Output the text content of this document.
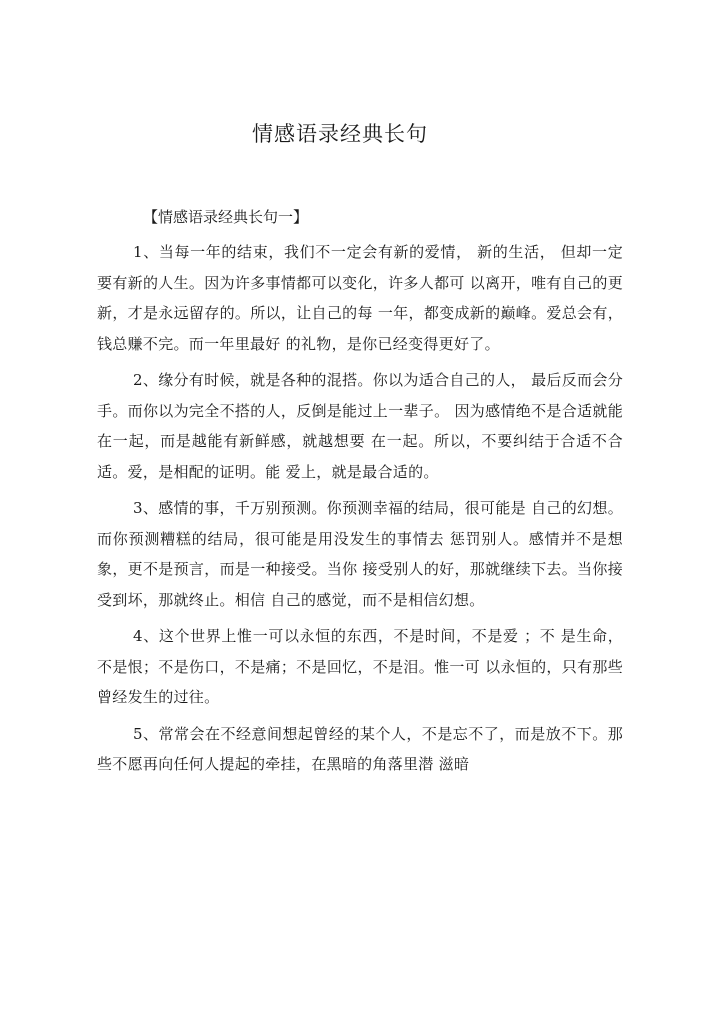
情感语录经典长句
【情感语录经典长句一】

1、当每一年的结束，我们不一定会有新的爱情， 新的生活， 但却一定要有新的人生。因为许多事情都可以变化，许多人都可 以离开，唯有自己的更新，才是永远留存的。所以，让自己的每 一年，都变成新的巅峰。爱总会有，钱总赚不完。而一年里最好 的礼物，是你已经变得更好了。

2、缘分有时候，就是各种的混搭。你以为适合自己的人， 最后反而会分手。而你以为完全不搭的人，反倒是能过上一辈子。 因为感情绝不是合适就能在一起，而是越能有新鲜感，就越想要 在一起。所以，不要纠结于合适不合适。爱，是相配的证明。能 爱上，就是最合适的。

3、感情的事，千万别预测。你预测幸福的结局，很可能是 自己的幻想。而你预测糟糕的结局，很可能是用没发生的事情去 惩罚别人。感情并不是想象，更不是预言，而是一种接受。当你 接受别人的好，那就继续下去。当你接受到坏，那就终止。相信 自己的感觉，而不是相信幻想。

4、这个世界上惟一可以永恒的东西，不是时间，不是爱 ；不 是生命，不是恨；不是伤口，不是痛；不是回忆，不是泪。惟一可 以永恒的，只有那些曾经发生的过往。

5、常常会在不经意间想起曾经的某个人，不是忘不了，而是放不下。那些不愿再向任何人提起的牵挂，在黑暗的角落里潜 滋暗
